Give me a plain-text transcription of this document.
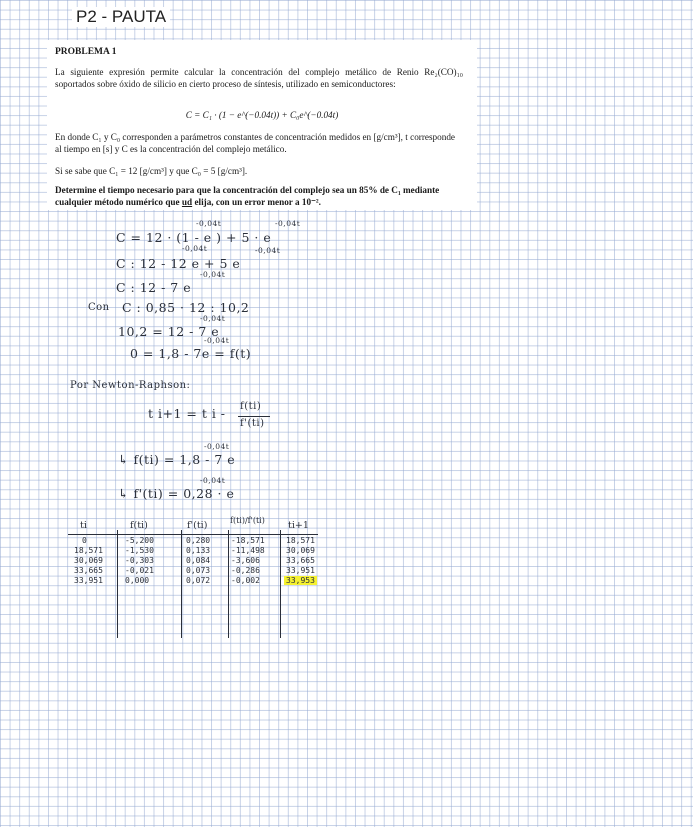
P2 - PAUTA

PROBLEMA 1

La siguiente expresión permite calcular la concentración del complejo metálico de Renio Re₂(CO)₁₀ soportados sobre óxido de silicio en cierto proceso de síntesis, utilizado en semiconductores:

C = C₁ · (1 − e^(−0.04t)) + C₀e^(−0.04t)

En donde C₁ y C₀ corresponden a parámetros constantes de concentración medidos en [g/cm³], t corresponde al tiempo en [s] y C es la concentración del complejo metálico.

Si se sabe que C₁ = 12 [g/cm³] y que C₀ = 5 [g/cm³].

Determine el tiempo necesario para que la concentración del complejo sea un 85% de C₁ mediante cualquier método numérico que ud elija, con un error menor a 10⁻².

C = 12 · (1 - e ) + 5 · e
-0,04t	-0,04t
C : 12 - 12 e + 5 e
-0,04t	-0,04t
C : 12 - 7 e
-0,04t
Con C : 0,85 · 12 : 10,2
10,2 = 12 - 7 e
-0,04t
0 = 1,8 - 7e = f(t)
-0,04t
Por Newton-Raphson:
t i+1 = t i - f(ti)
f'(ti)
↳ f(ti) = 1,8 - 7 e
-0,04t
↳ f'(ti) = 0,28 · e
-0,04t
ti	f(ti)	f'(ti)	f(ti)/f'(ti) ti+1
0	-5,200	0,280	-18,571	18,571
18,571	-1,530	0,133	-11,498	30,069
30,069	-0,303	0,084	-3,606	33,665
33,665	-0,021	0,073	-0,286	33,951
33,951	0,000	0,072	-0,002	33,953
